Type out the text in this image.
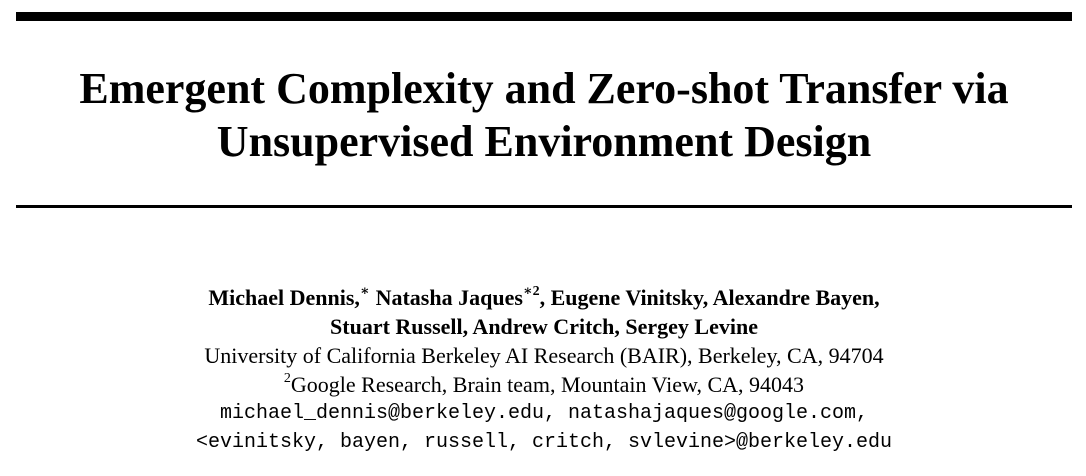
Emergent Complexity and Zero-shot Transfer via
Unsupervised Environment Design
Michael Dennis,∗ Natasha Jaques$^{∗2}$, Eugene Vinitsky, Alexandre Bayen,
Stuart Russell, Andrew Critch, Sergey Levine
University of California Berkeley AI Research (BAIR), Berkeley, CA, 94704
$^2$Google Research, Brain team, Mountain View, CA, 94043
michael_dennis@berkeley.edu, natashajaques@google.com,
<evinitsky, bayen, russell, critch, svlevine>@berkeley.edu
